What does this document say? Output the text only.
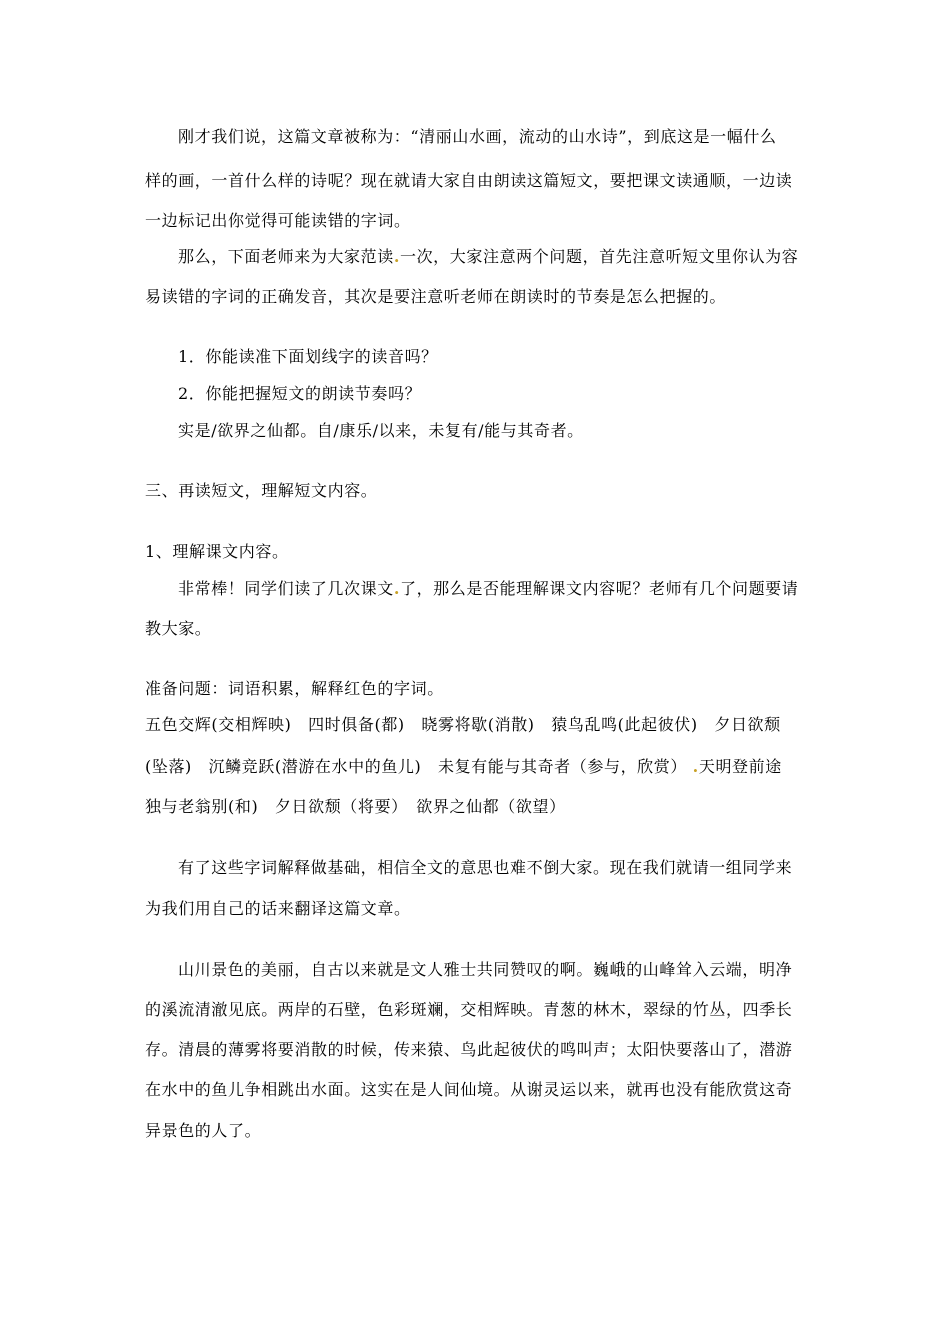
刚才我们说，这篇文章被称为：“清丽山水画，流动的山水诗”，到底这是一幅什么
样的画，一首什么样的诗呢？现在就请大家自由朗读这篇短文，要把课文读通顺，一边读
一边标记出你觉得可能读错的字词。
那么，下面老师来为大家范读.一次，大家注意两个问题，首先注意听短文里你认为容
易读错的字词的正确发音，其次是要注意听老师在朗读时的节奏是怎么把握的。
1．你能读准下面划线字的读音吗？
2．你能把握短文的朗读节奏吗？
实是/欲界之仙都。自/康乐/以来，未复有/能与其奇者。
三、再读短文，理解短文内容。
1、理解课文内容。
非常棒！同学们读了几次课文.了，那么是否能理解课文内容呢？老师有几个问题要请
教大家。
准备问题：词语积累，解释红色的字词。
五色交辉(交相辉映)　四时俱备(都)　晓雾将歇(消散)　猿鸟乱鸣(此起彼伏)　夕日欲颓
(坠落)　沉鳞竞跃(潜游在水中的鱼儿)　未复有能与其奇者（参与，欣赏） .天明登前途
独与老翁别(和)　夕日欲颓（将要）　欲界之仙都（欲望）
有了这些字词解释做基础，相信全文的意思也难不倒大家。现在我们就请一组同学来
为我们用自己的话来翻译这篇文章。
山川景色的美丽，自古以来就是文人雅士共同赞叹的啊。巍峨的山峰耸入云端，明净
的溪流清澈见底。两岸的石壁，色彩斑斓，交相辉映。青葱的林木，翠绿的竹丛，四季长
存。清晨的薄雾将要消散的时候，传来猿、鸟此起彼伏的鸣叫声；太阳快要落山了，潜游
在水中的鱼儿争相跳出水面。这实在是人间仙境。从谢灵运以来，就再也没有能欣赏这奇
异景色的人了。
